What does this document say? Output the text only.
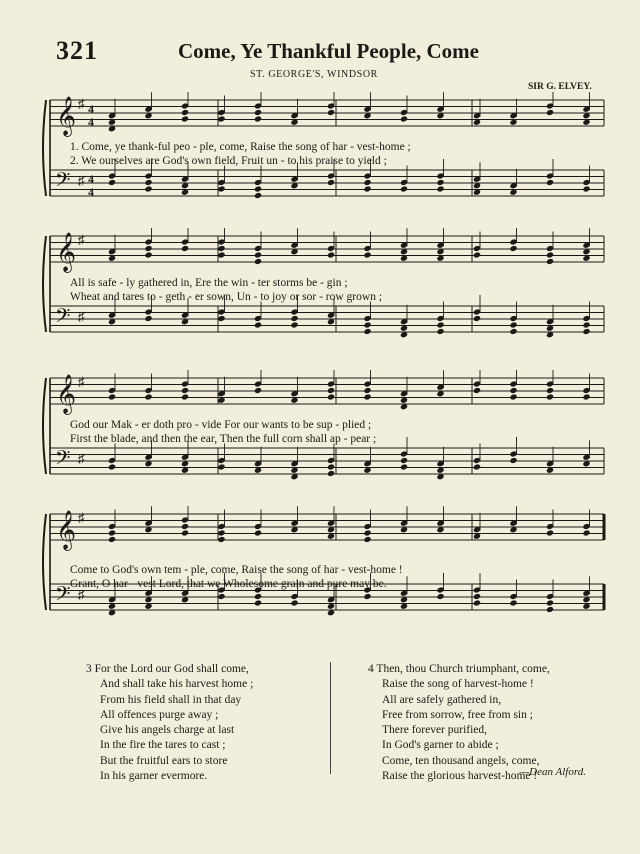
321	Come, Ye Thankful People, Come
ST. GEORGE'S, WINDSOR
SIR G. ELVEY.
𝄞
𝄢
♯
♯
4
4
4
4
1. Come, ye thank-ful peo - ple, come, Raise the song of har - vest-home ;
2. We ourselves are God's own field, Fruit un - to his praise to yield ;
𝄞
𝄢
♯
♯
All is safe - ly gathered in, Ere the win - ter storms be - gin ;
Wheat and tares to - geth - er sown, Un - to joy or sor - row grown ;
𝄞
𝄢
♯
♯
God our Mak - er doth pro - vide For our wants to be sup - plied ;
First the blade, and then the ear, Then the full corn shall ap - pear ;
𝄞
𝄢
♯
♯
Come to God's own tem - ple, come, Raise the song of har - vest-home !
Grant, O har - vest Lord, that we Wholesome grain and pure may be.
3 For the Lord our God shall come,
And shall take his harvest home ;
From his field shall in that day
All offences purge away ;
Give his angels charge at last
In the fire the tares to cast ;
But the fruitful ears to store
In his garner evermore.
4 Then, thou Church triumphant, come,
Raise the song of harvest-home !
All are safely gathered in,
Free from sorrow, free from sin ;
There forever purified,
In God's garner to abide ;
Come, ten thousand angels, come,
Raise the glorious harvest-home !
—Dean Alford.
